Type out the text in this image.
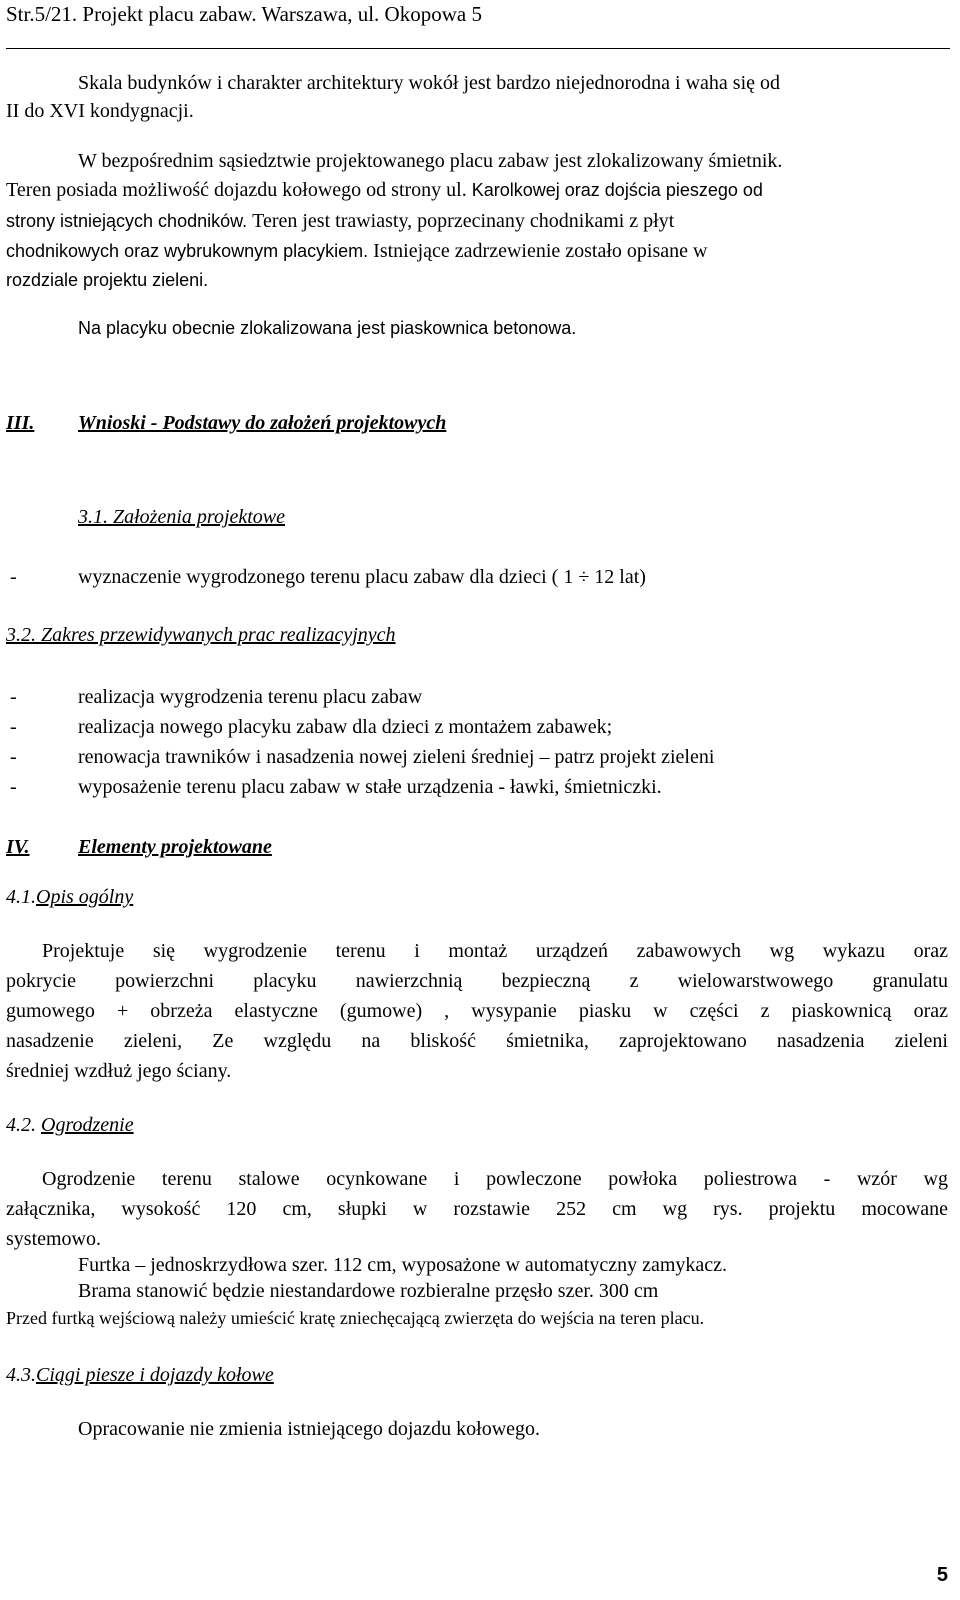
Str.5/21. Projekt placu zabaw. Warszawa, ul. Okopowa 5
Skala budynków i charakter architektury wokół jest bardzo niejednorodna i waha się od
II do XVI kondygnacji.
W bezpośrednim sąsiedztwie projektowanego placu zabaw jest zlokalizowany śmietnik.
Teren posiada możliwość dojazdu kołowego od strony ul. Karolkowej oraz dojścia pieszego od
strony istniejących chodników. Teren jest trawiasty, poprzecinany chodnikami z płyt
chodnikowych oraz wybrukownym placykiem. Istniejące zadrzewienie zostało opisane w
rozdziale projektu zieleni.
Na placyku obecnie zlokalizowana jest piaskownica betonowa.
III. Wnioski - Podstawy do założeń projektowych
3.1. Założenia projektowe
-	wyznaczenie wygrodzonego terenu placu zabaw dla dzieci ( 1 ÷ 12 lat)
3.2. Zakres przewidywanych prac realizacyjnych
-	realizacja wygrodzenia terenu placu zabaw
-	realizacja nowego placyku zabaw dla dzieci z montażem zabawek;
-	renowacja trawników i nasadzenia nowej zieleni średniej – patrz projekt zieleni
-	wyposażenie terenu placu zabaw w stałe urządzenia - ławki, śmietniczki.
IV. Elementy projektowane
4.1.Opis ogólny
Projektuje się wygrodzenie terenu i montaż urządzeń zabawowych wg wykazu oraz
pokrycie powierzchni placyku nawierzchnią bezpieczną z wielowarstwowego granulatu
gumowego + obrzeża elastyczne (gumowe) , wysypanie piasku w części z piaskownicą oraz
nasadzenie zieleni, Ze względu na bliskość śmietnika, zaprojektowano nasadzenia zieleni
średniej wzdłuż jego ściany.
4.2. Ogrodzenie
Ogrodzenie terenu stalowe ocynkowane i powleczone powłoka poliestrowa - wzór wg
załącznika, wysokość 120 cm, słupki w rozstawie 252 cm wg rys. projektu mocowane
systemowo.
Furtka – jednoskrzydłowa szer. 112 cm, wyposażone w automatyczny zamykacz.
Brama stanowić będzie niestandardowe rozbieralne przęsło szer. 300 cm
Przed furtką wejściową należy umieścić kratę zniechęcającą zwierzęta do wejścia na teren placu.
4.3.Ciągi piesze i dojazdy kołowe
Opracowanie nie zmienia istniejącego dojazdu kołowego.
5
